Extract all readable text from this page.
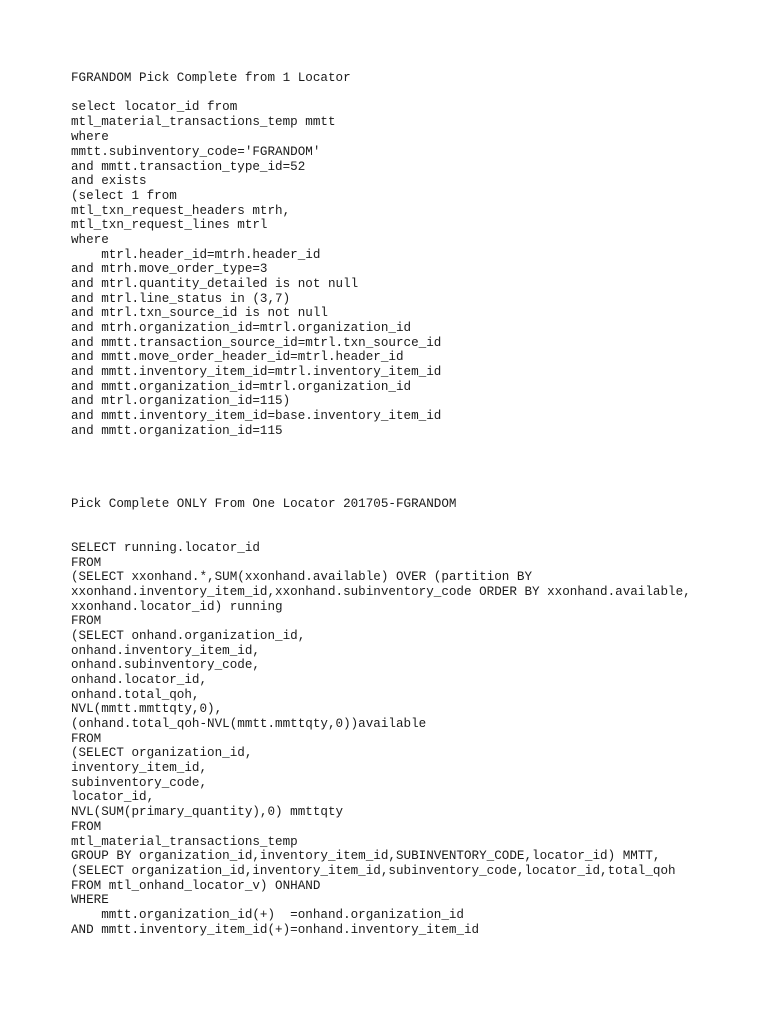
FGRANDOM Pick Complete from 1 Locator
select locator_id from
mtl_material_transactions_temp mmtt
where
mmtt.subinventory_code='FGRANDOM'
and mmtt.transaction_type_id=52
and exists
(select 1 from
mtl_txn_request_headers mtrh,
mtl_txn_request_lines mtrl
where
mtrl.header_id=mtrh.header_id
and mtrh.move_order_type=3
and mtrl.quantity_detailed is not null
and mtrl.line_status in (3,7)
and mtrl.txn_source_id is not null
and mtrh.organization_id=mtrl.organization_id
and mmtt.transaction_source_id=mtrl.txn_source_id
and mmtt.move_order_header_id=mtrl.header_id
and mmtt.inventory_item_id=mtrl.inventory_item_id
and mmtt.organization_id=mtrl.organization_id
and mtrl.organization_id=115)
and mmtt.inventory_item_id=base.inventory_item_id
and mmtt.organization_id=115
Pick Complete ONLY From One Locator 201705-FGRANDOM
SELECT running.locator_id
FROM
(SELECT xxonhand.*,SUM(xxonhand.available) OVER (partition BY
xxonhand.inventory_item_id,xxonhand.subinventory_code ORDER BY xxonhand.available,
xxonhand.locator_id) running
FROM
(SELECT onhand.organization_id,
onhand.inventory_item_id,
onhand.subinventory_code,
onhand.locator_id,
onhand.total_qoh,
NVL(mmtt.mmttqty,0),
(onhand.total_qoh-NVL(mmtt.mmttqty,0))available
FROM
(SELECT organization_id,
inventory_item_id,
subinventory_code,
locator_id,
NVL(SUM(primary_quantity),0) mmttqty
FROM
mtl_material_transactions_temp
GROUP BY organization_id,inventory_item_id,SUBINVENTORY_CODE,locator_id) MMTT,
(SELECT organization_id,inventory_item_id,subinventory_code,locator_id,total_qoh
FROM mtl_onhand_locator_v) ONHAND
WHERE
mmtt.organization_id(+)  =onhand.organization_id
AND mmtt.inventory_item_id(+)=onhand.inventory_item_id
